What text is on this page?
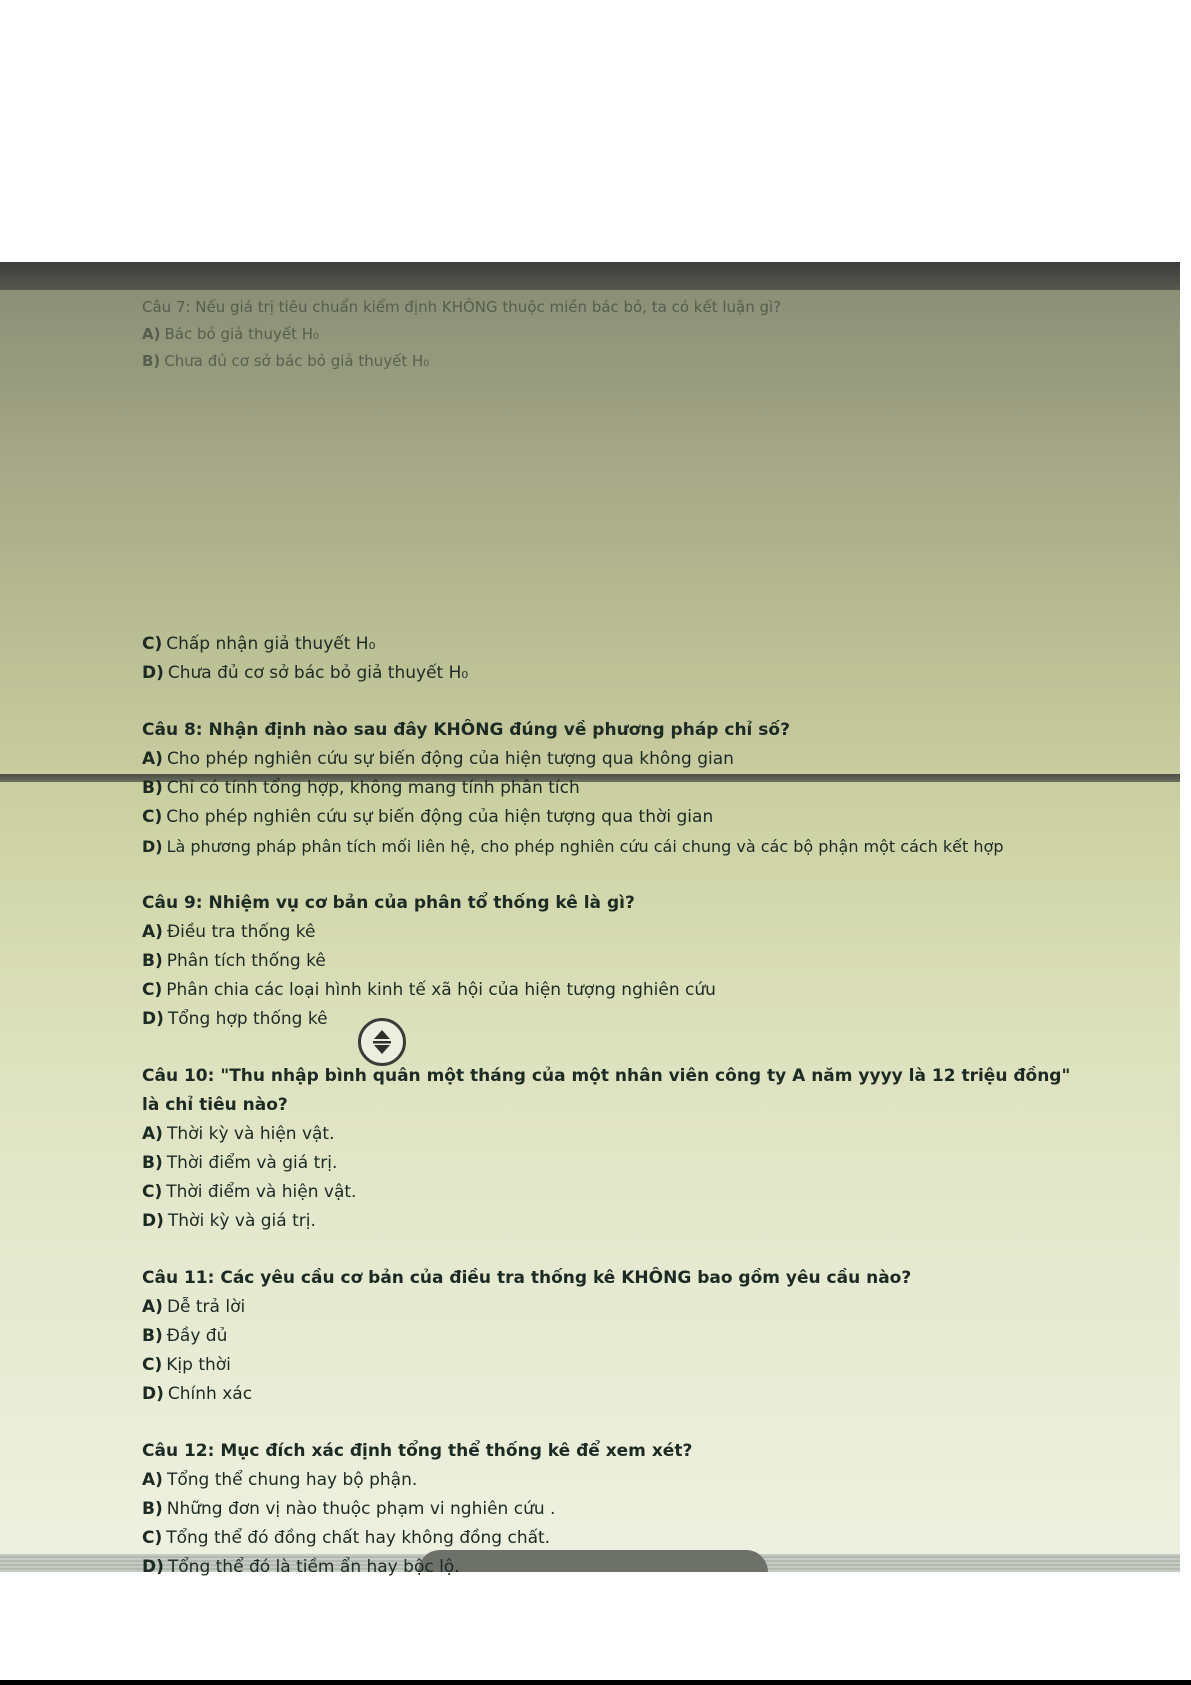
Câu 7: Nếu giá trị tiêu chuẩn kiểm định KHÔNG thuộc miền bác bỏ, ta có kết luận gì?
A) Bác bỏ giả thuyết H₀
B) Chưa đủ cơ sở bác bỏ giả thuyết H₀
C) Chấp nhận giả thuyết H₀
D) Chưa đủ cơ sở bác bỏ giả thuyết H₀
Câu 8: Nhận định nào sau đây KHÔNG đúng về phương pháp chỉ số?
A) Cho phép nghiên cứu sự biến động của hiện tượng qua không gian
B) Chỉ có tính tổng hợp, không mang tính phân tích
C) Cho phép nghiên cứu sự biến động của hiện tượng qua thời gian
D) Là phương pháp phân tích mối liên hệ, cho phép nghiên cứu cái chung và các bộ phận một cách kết hợp
Câu 9: Nhiệm vụ cơ bản của phân tổ thống kê là gì?
A) Điều tra thống kê
B) Phân tích thống kê
C) Phân chia các loại hình kinh tế xã hội của hiện tượng nghiên cứu
D) Tổng hợp thống kê
Câu 10: "Thu nhập bình quân một tháng của một nhân viên công ty A năm yyyy là 12 triệu đồng" là chỉ tiêu nào?
A) Thời kỳ và hiện vật.
B) Thời điểm và giá trị.
C) Thời điểm và hiện vật.
D) Thời kỳ và giá trị.
Câu 11: Các yêu cầu cơ bản của điều tra thống kê KHÔNG bao gồm yêu cầu nào?
A) Dễ trả lời
B) Đầy đủ
C) Kịp thời
D) Chính xác
Câu 12: Mục đích xác định tổng thể thống kê để xem xét?
A) Tổng thể chung hay bộ phận.
B) Những đơn vị nào thuộc phạm vi nghiên cứu .
C) Tổng thể đó đồng chất hay không đồng chất.
D) Tổng thể đó là tiềm ẩn hay bộc lộ.
